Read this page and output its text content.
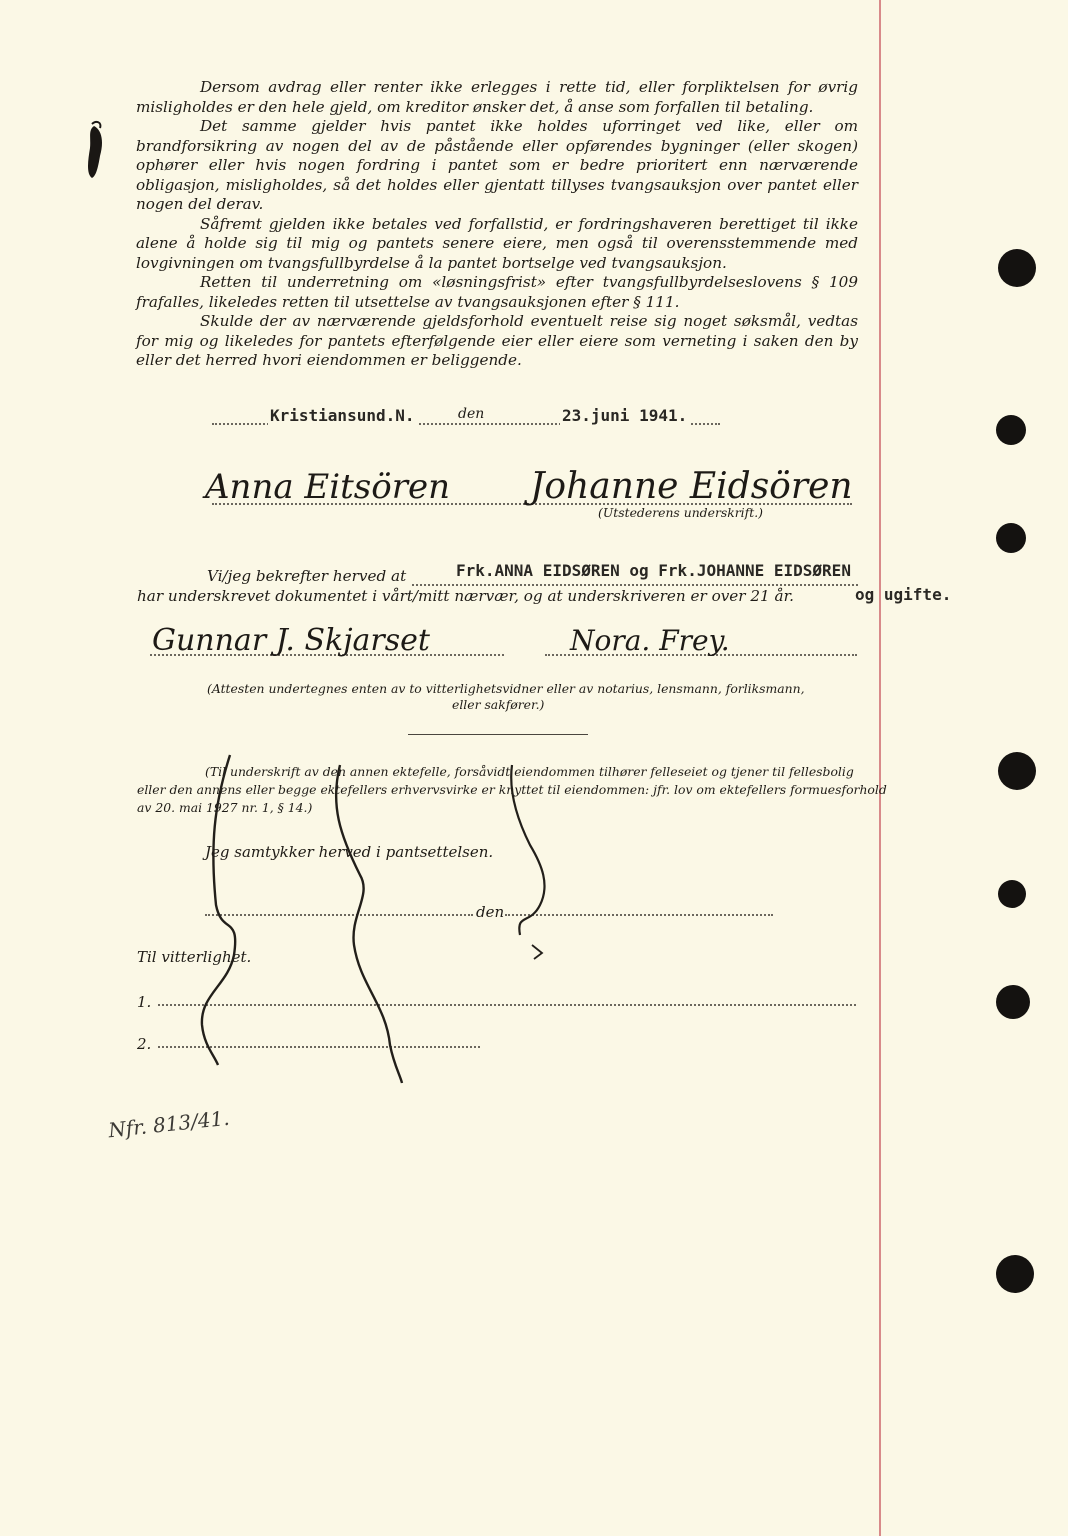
Dersom avdrag eller renter ikke erlegges i rette tid, eller forpliktelsen for øvrig misligholdes er den hele gjeld, om kreditor ønsker det, å anse som forfallen til betaling.

Det samme gjelder hvis pantet ikke holdes uforringet ved like, eller om brandforsikring av nogen del av de påstående eller opførendes bygninger (eller skogen) ophører eller hvis nogen fordring i pantet som er bedre prioritert enn nærværende obligasjon, misligholdes, så det holdes eller gjentatt tillyses tvangsauksjon over pantet eller nogen del derav.

Såfremt gjelden ikke betales ved forfallstid, er fordringshaveren berettiget til ikke alene å holde sig til mig og pantets senere eiere, men også til overensstemmende med lovgivningen om tvangsfullbyrdelse å la pantet bortselge ved tvangsauksjon.

Retten til underretning om «løsningsfrist» efter tvangsfullbyrdelseslovens § 109 frafalles, likeledes retten til utsettelse av tvangsauksjonen efter § 111.

Skulde der av nærværende gjeldsforhold eventuelt reise sig noget søksmål, vedtas for mig og likeledes for pantets efterfølgende eier eller eiere som verneting i saken den by eller det herred hvori eiendommen er beliggende.

Kristiansund.N.	den	23.juni 1941.
Anna Eitsören Johanne Eidsören
(Utstederens underskrift.)
Vi/jeg bekrefter herved at	Frk.ANNA EIDSØREN og Frk.JOHANNE EIDSØREN
har underskrevet dokumentet i vårt/mitt nærvær, og at underskriveren er over 21 år.	og ugifte.
Gunnar J. Skjarset	Nora. Frey.
(Attesten undertegnes enten av to vitterlighetsvidner eller av notarius, lensmann, forliksmann,
eller sakfører.)
(Til underskrift av den annen ektefelle, forsåvidt eiendommen tilhører felleseiet og tjener til fellesbolig
eller den annens eller begge ektefellers erhvervsvirke er knyttet til eiendommen: jfr. lov om ektefellers formuesforhold
av 20. mai 1927 nr. 1, § 14.)
Jeg samtykker herved i pantsettelsen.
den
Til vitterlighet.
1.
2.
Nfr. 813/41.
